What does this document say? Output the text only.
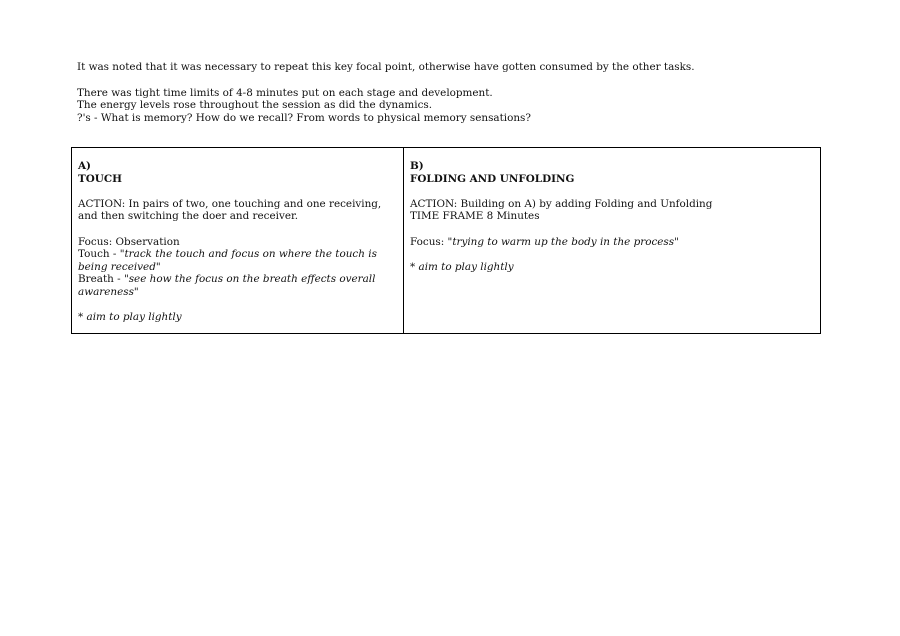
It was noted that it was necessary to repeat this key focal point, otherwise have gotten consumed by the other tasks.

There was tight time limits of 4-8 minutes put on each stage and development.

The energy levels rose throughout the session as did the dynamics.

?'s - What is memory? How do we recall? From words to physical memory sensations?

A)

TOUCH

ACTION: In pairs of two, one touching and one receiving, and then switching the doer and receiver.

Focus: Observation

Touch - "track the touch and focus on where the touch is being received"

Breath - "see how the focus on the breath effects overall awareness"

* aim to play lightly

B)

FOLDING AND UNFOLDING

ACTION: Building on A) by adding Folding and Unfolding

TIME FRAME 8 Minutes

Focus: "trying to warm up the body in the process"

* aim to play lightly
